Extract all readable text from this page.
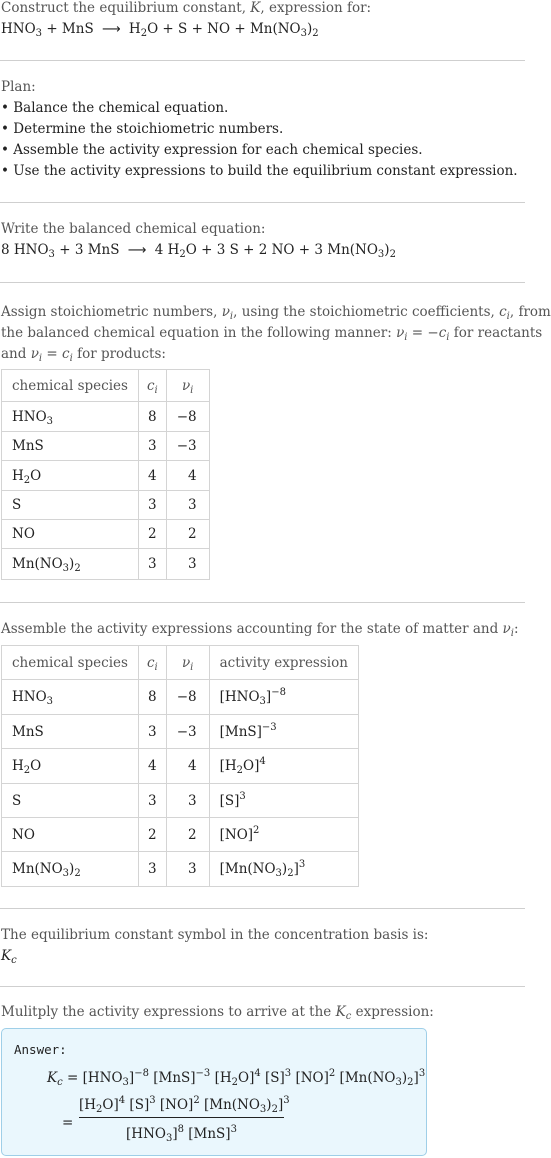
Construct the equilibrium constant, K, expression for:
$HNO_3$ + MnS ⟶ $H_2O + S$ + NO + $Mn(NO_3)_2$
Plan:
• Balance the chemical equation.
• Determine the stoichiometric numbers.
• Assemble the activity expression for each chemical species.
• Use the activity expressions to build the equilibrium constant expression.
Write the balanced chemical equation:
8 $HNO_3 + 3$ MnS ⟶ 4 $H_2O + 3$ S + 2 NO + 3 $Mn(NO_3)_2$
Assign stoichiometric numbers, $\nu_i$, using the stoichiometric coefficients, $c_i$, from
the balanced chemical equation in the following manner: $\nu_i = -c_i$ for reactants
and $\nu_i = c_i$ for products:
chemical species	$c_i$	$\nu_i$
$HNO_3$	8	−8
MnS	3	−3
$H_2O$	4	4
S	3	3
NO	2	2
$Mn(NO_3)_2$	3	3
Assemble the activity expressions accounting for the state of matter and $\nu_i$:
chemical species	$c_i$	$\nu_i$	activity expression
$HNO_3$	8	−8	$[HNO_3]^{-8}$
MnS	3	−3	[MnS]$^{-3}$
$H_2O$	4	4	$[H_2O]^4$
S	3	3	$[S]^3$
NO	2	2	[NO]$^2$
$Mn(NO_3)_2$	3	3	$[Mn(NO_3)_2]^3$
The equilibrium constant symbol in the concentration basis is:
$K_c$
Mulitply the activity expressions to arrive at the $K_c$ expression:
Answer:
$K_c = [HNO_3]^{-8}$ [MnS]$^{-3}$ $[H_2O]^4$ $[S]^3$ [NO]$^2$ $[Mn(NO_3)_2]^3$
=
$[H_2O]^4$ $[S]^3$ [NO]$^2$ $[Mn(NO_3)_2]^3$
$[HNO_3]^8$ [MnS]$^3$
